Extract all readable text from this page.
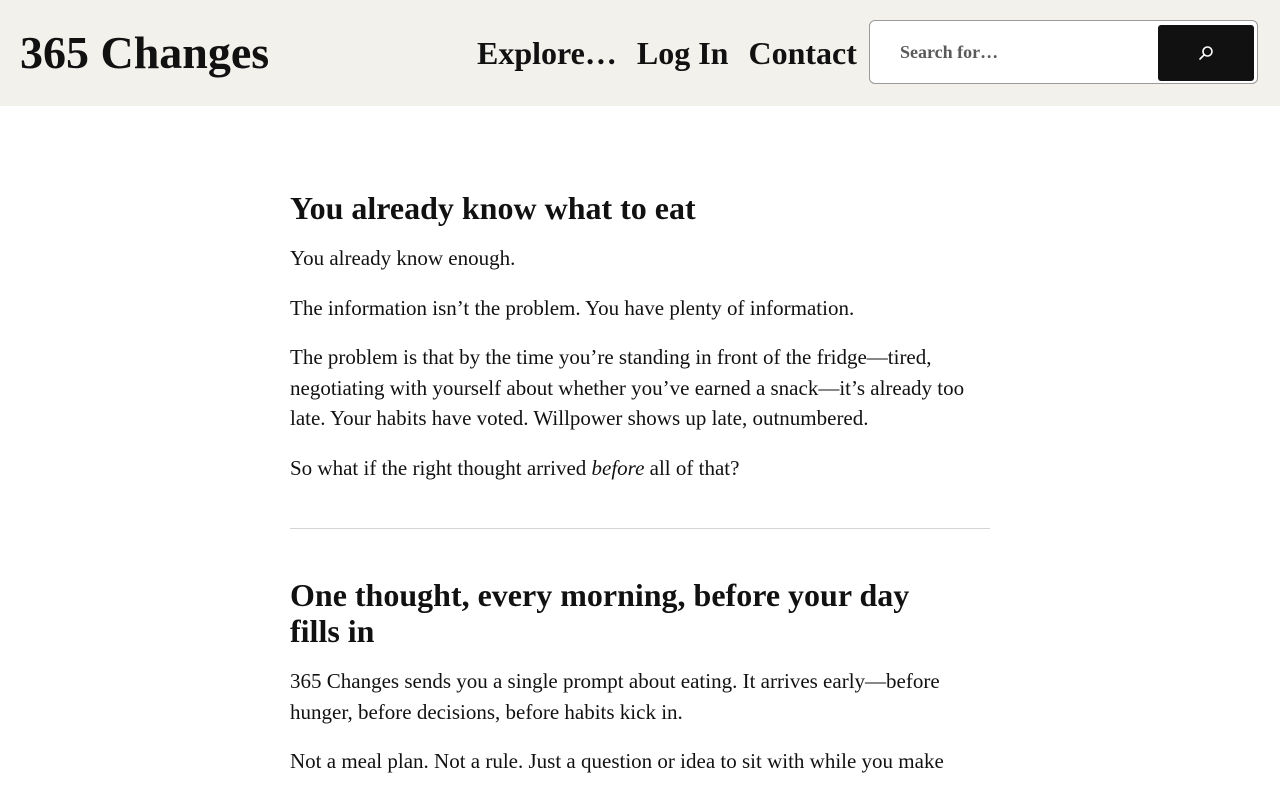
365 Changes	Explore… Log In Contact
Search for…
You already know what to eat

You already know enough.

The information isn’t the problem. You have plenty of information.

The problem is that by the time you’re standing in front of the fridge—tired, negotiating with yourself about whether you’ve earned a snack—it’s already too late. Your habits have voted. Willpower shows up late, outnumbered.

So what if the right thought arrived before all of that?

One thought, every morning, before your day fills in

365 Changes sends you a single prompt about eating. It arrives early—before hunger, before decisions, before habits kick in.

Not a meal plan. Not a rule. Just a question or idea to sit with while you make
